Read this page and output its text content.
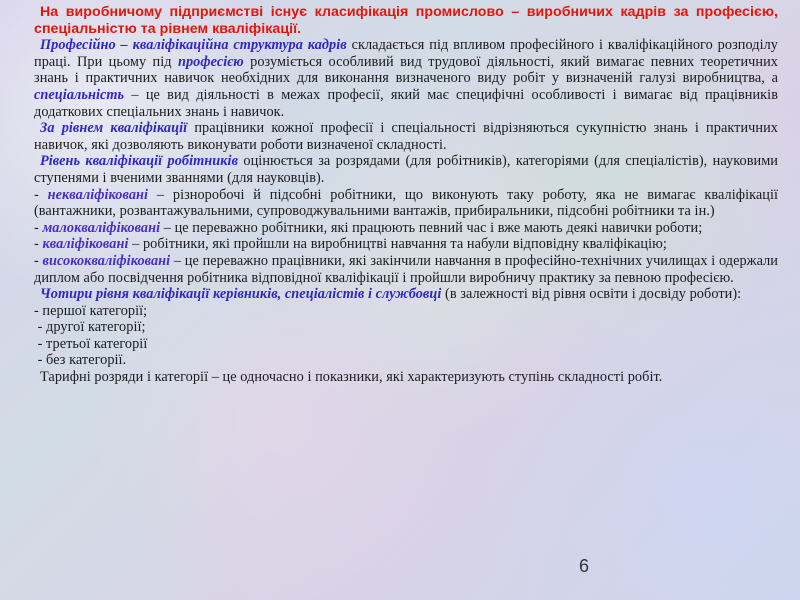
На виробничому підприємстві існує класифікація промислово – виробничих кадрів за професією, спеціальністю та рівнем кваліфікації.

Професійно – кваліфікаційна структура кадрів складається під впливом професійного і кваліфікаційного розподілу праці. При цьому під професією розуміється особливий вид трудової діяльності, який вимагає певних теоретичних знань і практичних навичок необхідних для виконання визначеного виду робіт у визначеній галузі виробництва, а спеціальність – це вид діяльності в межах професії, який має специфічні особливості і вимагає від працівників додаткових спеціальних знань і навичок.

За рівнем кваліфікації працівники кожної професії і спеціальності відрізняються сукупністю знань і практичних навичок, які дозволяють виконувати роботи визначеної складності.

Рівень кваліфікації робітників оцінюється за розрядами (для робітників), категоріями (для спеціалістів), науковими ступенями і вченими званнями (для науковців).

- некваліфіковані – різноробочі й підсобні робітники, що виконують таку роботу, яка не вимагає кваліфікації (вантажники, розвантажувальними, супроводжувальними вантажів, прибиральники, підсобні робітники та ін.)

- малокваліфіковані – це переважно робітники, які працюють певний час і вже мають деякі навички роботи;

- кваліфіковані – робітники, які пройшли на виробництві навчання та набули відповідну кваліфікацію;

- висококваліфіковані – це переважно працівники, які закінчили навчання в професійно-технічних училищах і одержали диплом або посвідчення робітника відповідної кваліфікації і пройшли виробничу практику за певною професією.

Чотири рівня кваліфікації керівників, спеціалістів і службовці (в залежності від рівня освіти і досвіду роботи):

- першої категорії;

- другої категорії;

- третьої категорії

- без категорії.

Тарифні розряди і категорії – це одночасно і показники, які характеризують ступінь складності робіт.

6
